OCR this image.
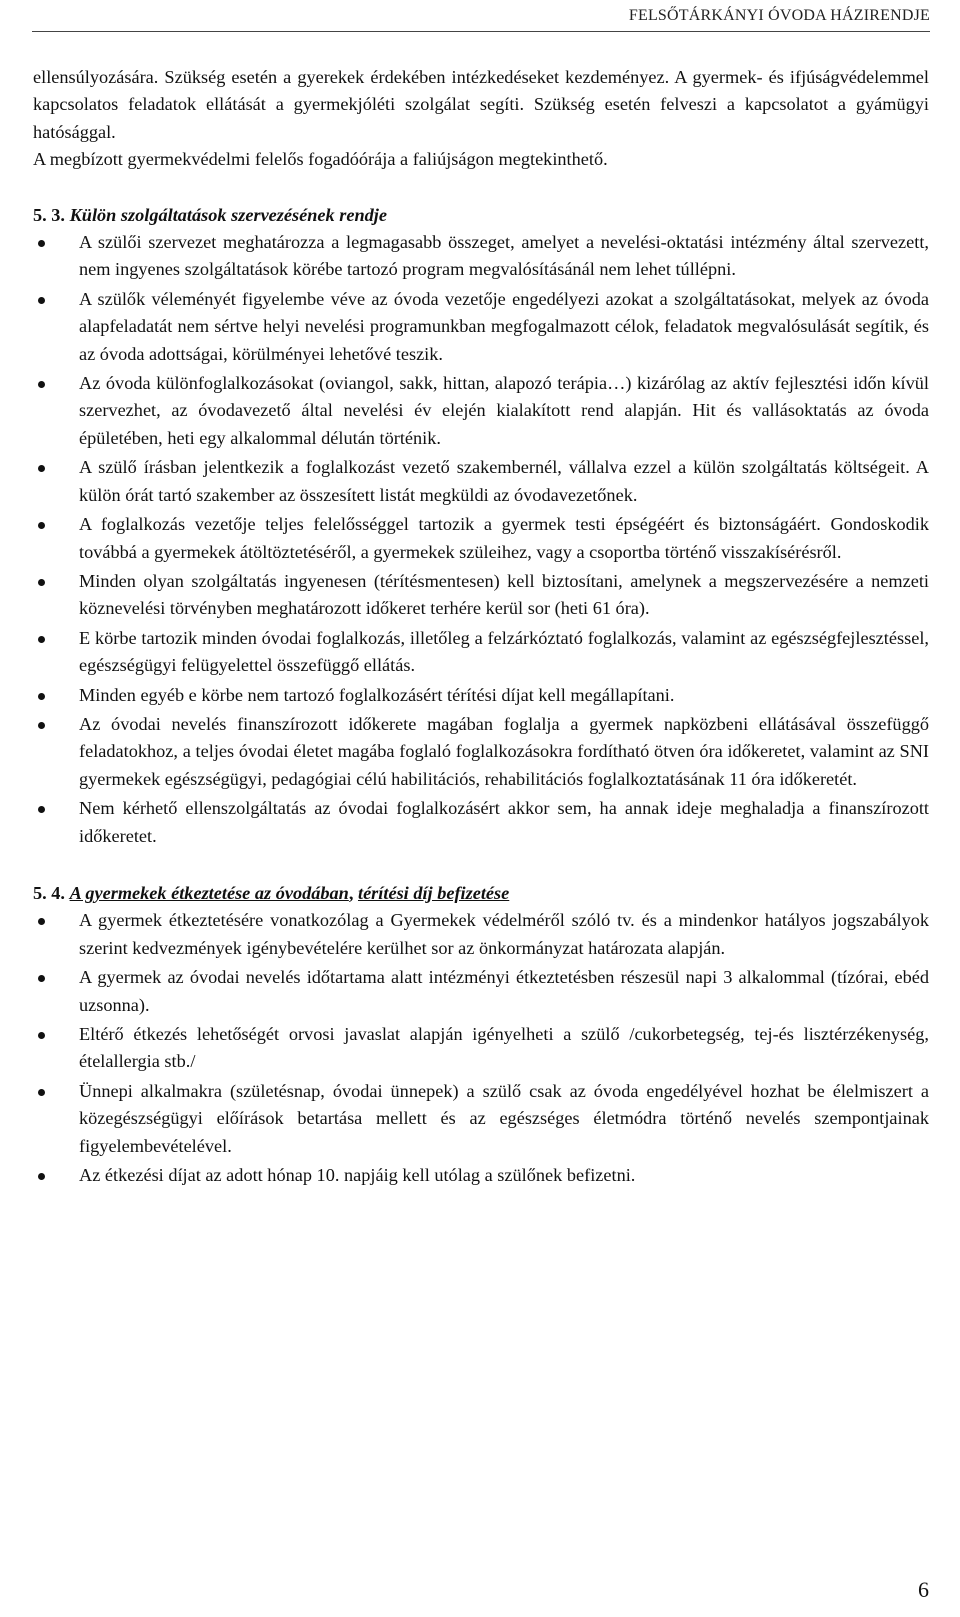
FELSŐTÁRKÁNYI ÓVODA HÁZIRENDJE

ellensúlyozására. Szükség esetén a gyerekek érdekében intézkedéseket kezdeményez. A gyermek- és ifjúságvédelemmel kapcsolatos feladatok ellátását a gyermekjóléti szolgálat segíti. Szükség esetén felveszi a kapcsolatot a gyámügyi hatósággal.

A megbízott gyermekvédelmi felelős fogadóórája a faliújságon megtekinthető.

5. 3. Külön szolgáltatások szervezésének rendje
A szülői szervezet meghatározza a legmagasabb összeget, amelyet a nevelési-oktatási intézmény által szervezett, nem ingyenes szolgáltatások körébe tartozó program megvalósításánál nem lehet túllépni.
A szülők véleményét figyelembe véve az óvoda vezetője engedélyezi azokat a szolgáltatásokat, melyek az óvoda alapfeladatát nem sértve helyi nevelési programunkban megfogalmazott célok, feladatok megvalósulását segítik, és az óvoda adottságai, körülményei lehetővé teszik.
Az óvoda különfoglalkozásokat (oviangol, sakk, hittan, alapozó terápia…) kizárólag az aktív fejlesztési időn kívül szervezhet, az óvodavezető által nevelési év elején kialakított rend alapján. Hit és vallásoktatás az óvoda épületében, heti egy alkalommal délután történik.
A szülő írásban jelentkezik a foglalkozást vezető szakembernél, vállalva ezzel a külön szolgáltatás költségeit. A külön órát tartó szakember az összesített listát megküldi az óvodavezetőnek.
A foglalkozás vezetője teljes felelősséggel tartozik a gyermek testi épségéért és biztonságáért. Gondoskodik továbbá a gyermekek átöltöztetéséről, a gyermekek szüleihez, vagy a csoportba történő visszakísérésről.
Minden olyan szolgáltatás ingyenesen (térítésmentesen) kell biztosítani, amelynek a megszervezésére a nemzeti köznevelési törvényben meghatározott időkeret terhére kerül sor (heti 61 óra).
E körbe tartozik minden óvodai foglalkozás, illetőleg a felzárkóztató foglalkozás, valamint az egészségfejlesztéssel, egészségügyi felügyelettel összefüggő ellátás.
Minden egyéb e körbe nem tartozó foglalkozásért térítési díjat kell megállapítani.
Az óvodai nevelés finanszírozott időkerete magában foglalja a gyermek napközbeni ellátásával összefüggő feladatokhoz, a teljes óvodai életet magába foglaló foglalkozásokra fordítható ötven óra időkeretet, valamint az SNI gyermekek egészségügyi, pedagógiai célú habilitációs, rehabilitációs foglalkoztatásának 11 óra időkeretét.
Nem kérhető ellenszolgáltatás az óvodai foglalkozásért akkor sem, ha annak ideje meghaladja a finanszírozott időkeretet.
5. 4. A gyermekek étkeztetése az óvodában, térítési díj befizetése
A gyermek étkeztetésére vonatkozólag a Gyermekek védelméről szóló tv. és a mindenkor hatályos jogszabályok szerint kedvezmények igénybevételére kerülhet sor az önkormányzat határozata alapján.
A gyermek az óvodai nevelés időtartama alatt intézményi étkeztetésben részesül napi 3 alkalommal (tízórai, ebéd uzsonna).
Eltérő étkezés lehetőségét orvosi javaslat alapján igényelheti a szülő /cukorbetegség, tej-és lisztérzékenység, ételallergia stb./
Ünnepi alkalmakra (születésnap, óvodai ünnepek) a szülő csak az óvoda engedélyével hozhat be élelmiszert a közegészségügyi előírások betartása mellett és az egészséges életmódra történő nevelés szempontjainak figyelembevételével.
Az étkezési díjat az adott hónap 10. napjáig kell utólag a szülőnek befizetni.
6
